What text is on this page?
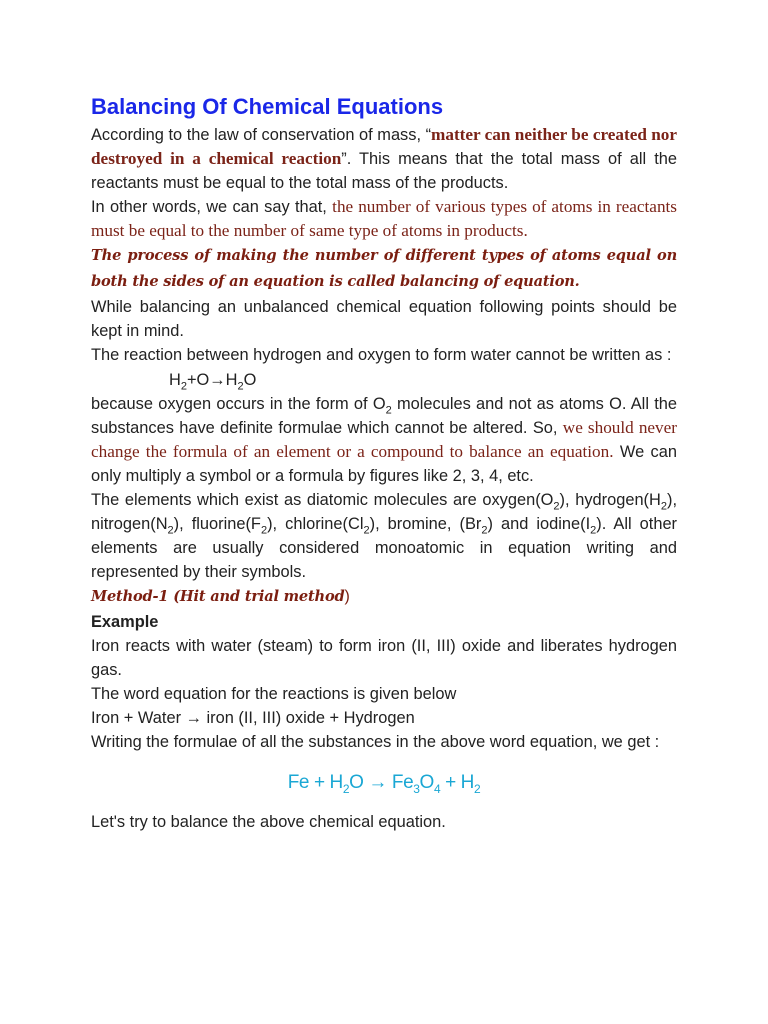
Balancing Of Chemical Equations

According to the law of conservation of mass, “matter can neither be created nor destroyed in a chemical reaction”. This means that the total mass of all the reactants must be equal to the total mass of the products.

In other words, we can say that, the number of various types of atoms in reactants must be equal to the number of same type of atoms in products.

The process of making the number of different types of atoms equal on both the sides of an equation is called balancing of equation.

While balancing an unbalanced chemical equation following points should be kept in mind.

The reaction between hydrogen and oxygen to form water cannot be written as :

$H_2+O\to H_2O$

because oxygen occurs in the form of $O_2$ molecules and not as atoms O. All the substances have definite formulae which cannot be altered. So, we should never change the formula of an element or a compound to balance an equation. We can only multiply a symbol or a formula by figures like 2, 3, 4, etc.

The elements which exist as diatomic molecules are $oxygen(O_2)$, $hydrogen(H_2)$, $nitrogen(N_2)$, $fluorine(F_2)$, $chlorine(Cl_2)$, bromine, $(Br_2)$ and $iodine(I_2)$. All other elements are usually considered monoatomic in equation writing and represented by their symbols.

Method-1 (Hit and trial method)

Example

Iron reacts with water (steam) to form iron (II, III) oxide and liberates hydrogen gas.

The word equation for the reactions is given below

Iron + Water → iron (II, III) oxide + Hydrogen

Writing the formulae of all the substances in the above word equation, we get :

$Fe + H_2O \to Fe_3O_4 + H_2$

Let's try to balance the above chemical equation.
